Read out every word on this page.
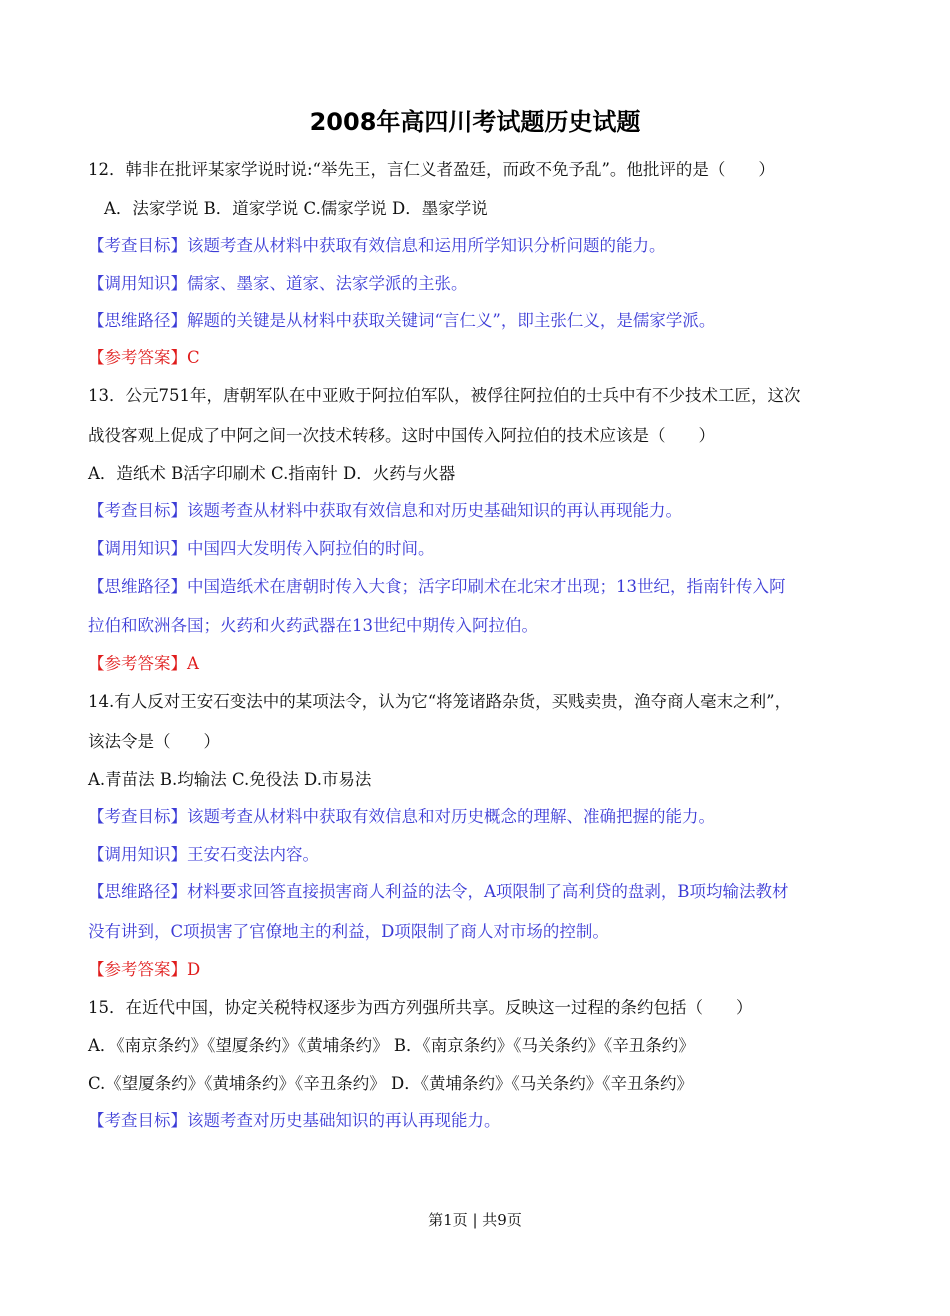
2008年高四川考试题历史试题
12．韩非在批评某家学说时说:“举先王，言仁义者盈廷，而政不免予乱”。他批评的是（　　）
A．法家学说 B．道家学说 C.儒家学说 D．墨家学说
【考查目标】该题考查从材料中获取有效信息和运用所学知识分析问题的能力。
【调用知识】儒家、墨家、道家、法家学派的主张。
【思维路径】解题的关键是从材料中获取关键词“言仁义”，即主张仁义，是儒家学派。
【参考答案】C
13．公元751年，唐朝军队在中亚败于阿拉伯军队，被俘往阿拉伯的士兵中有不少技术工匠，这次
战役客观上促成了中阿之间一次技术转移。这时中国传入阿拉伯的技术应该是（　　）
A．造纸术 B活字印刷术 C.指南针 D．火药与火器
【考查目标】该题考查从材料中获取有效信息和对历史基础知识的再认再现能力。
【调用知识】中国四大发明传入阿拉伯的时间。
【思维路径】中国造纸术在唐朝时传入大食；活字印刷术在北宋才出现；13世纪，指南针传入阿
拉伯和欧洲各国；火药和火药武器在13世纪中期传入阿拉伯。
【参考答案】A
14.有人反对王安石变法中的某项法令，认为它“将笼诸路杂货，买贱卖贵，渔夺商人毫末之利”，
该法令是（　　）
A.青苗法 B.均输法 C.免役法 D.市易法
【考查目标】该题考查从材料中获取有效信息和对历史概念的理解、准确把握的能力。
【调用知识】王安石变法内容。
【思维路径】材料要求回答直接损害商人利益的法令，A项限制了高利贷的盘剥，B项均输法教材
没有讲到，C项损害了官僚地主的利益，D项限制了商人对市场的控制。
【参考答案】D
15．在近代中国，协定关税特权逐步为西方列强所共享。反映这一过程的条约包括（　　）
A．《南京条约》《望厦条约》《黄埔条约》 B．《南京条约》《马关条约》《辛丑条约》
C.《望厦条约》《黄埔条约》《辛丑条约》 D．《黄埔条约》《马关条约》《辛丑条约》
【考查目标】该题考查对历史基础知识的再认再现能力。
第1页 | 共9页
